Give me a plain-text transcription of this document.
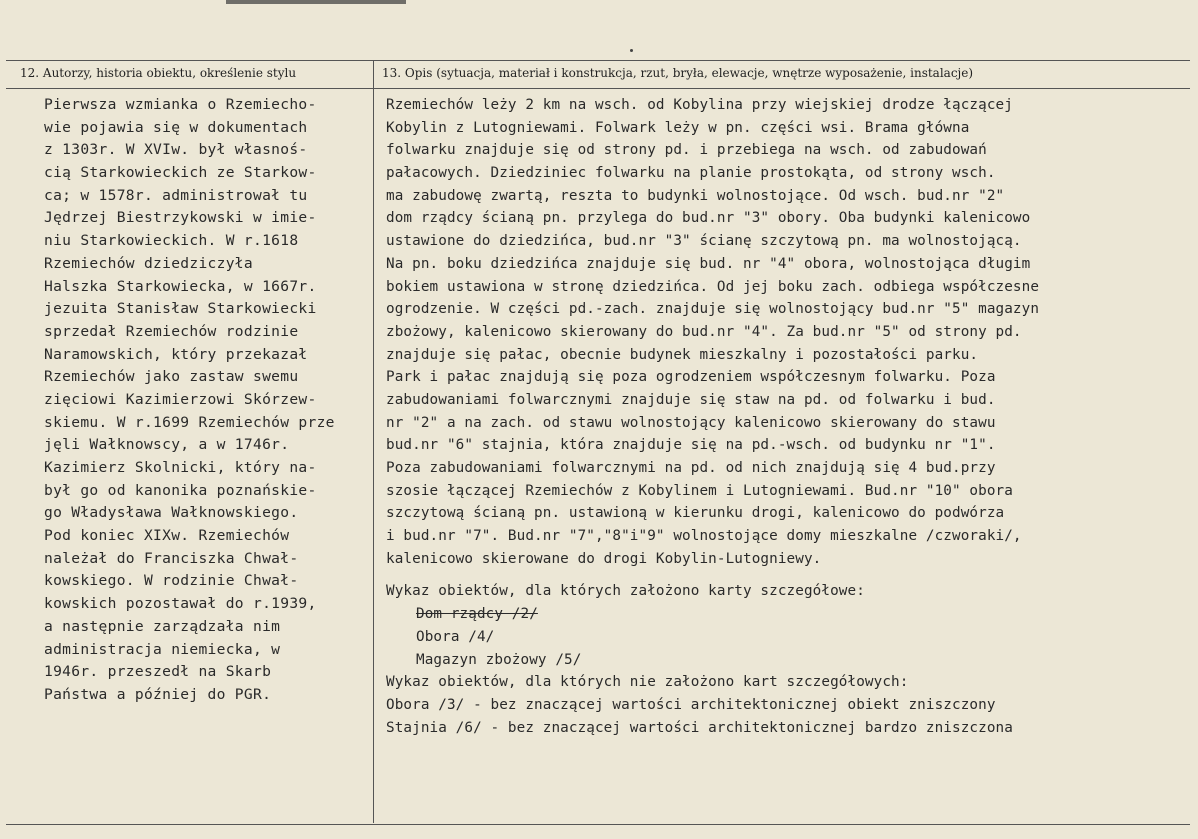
12. Autorzy, historia obiektu, określenie stylu	13. Opis (sytuacja, materiał i konstrukcja, rzut, bryła, elewacje, wnętrze wyposażenie, instalacje)
Pierwsza wzmianka o Rzemiecho-
wie pojawia się w dokumentach
z 1303r. W XVIw. był własnoś-
cią Starkowieckich ze Starkow-
ca; w 1578r. administrował tu
Jędrzej Biestrzykowski w imie-
niu Starkowieckich. W r.1618
Rzemiechów dziedziczyła
Halszka Starkowiecka, w 1667r.
jezuita Stanisław Starkowiecki
sprzedał Rzemiechów rodzinie
Naramowskich, który przekazał
Rzemiechów jako zastaw swemu
zięciowi Kazimierzowi Skórzew-
skiemu. W r.1699 Rzemiechów prze
jęli Wałknowscy, a w 1746r.
Kazimierz Skolnicki, który na-
był go od kanonika poznańskie-
go Władysława Wałknowskiego.
Pod koniec XIXw. Rzemiechów
należał do Franciszka Chwał-
kowskiego. W rodzinie Chwał-
kowskich pozostawał do r.1939,
a następnie zarządzała nim
administracja niemiecka, w
1946r. przeszedł na Skarb
Państwa a później do PGR.
Rzemiechów leży 2 km na wsch. od Kobylina przy wiejskiej drodze łączącej
Kobylin z Lutogniewami. Folwark leży w pn. części wsi. Brama główna
folwarku znajduje się od strony pd. i przebiega na wsch. od zabudowań
pałacowych. Dziedziniec folwarku na planie prostokąta, od strony wsch.
ma zabudowę zwartą, reszta to budynki wolnostojące. Od wsch. bud.nr "2"
dom rządcy ścianą pn. przylega do bud.nr "3" obory. Oba budynki kalenicowo
ustawione do dziedzińca, bud.nr "3" ścianę szczytową pn. ma wolnostojącą.
Na pn. boku dziedzińca znajduje się bud. nr "4" obora, wolnostojąca długim
bokiem ustawiona w stronę dziedzińca. Od jej boku zach. odbiega współczesne
ogrodzenie. W części pd.-zach. znajduje się wolnostojący bud.nr "5" magazyn
zbożowy, kalenicowo skierowany do bud.nr "4". Za bud.nr "5" od strony pd.
znajduje się pałac, obecnie budynek mieszkalny i pozostałości parku.
Park i pałac znajdują się poza ogrodzeniem współczesnym folwarku. Poza
zabudowaniami folwarcznymi znajduje się staw na pd. od folwarku i bud.
nr "2" a na zach. od stawu wolnostojący kalenicowo skierowany do stawu
bud.nr "6" stajnia, która znajduje się na pd.-wsch. od budynku nr "1".
Poza zabudowaniami folwarcznymi na pd. od nich znajdują się 4 bud.przy
szosie łączącej Rzemiechów z Kobylinem i Lutogniewami. Bud.nr "10" obora
szczytową ścianą pn. ustawioną w kierunku drogi, kalenicowo do podwórza
i bud.nr "7". Bud.nr "7","8"i"9" wolnostojące domy mieszkalne /czworaki/,
kalenicowo skierowane do drogi Kobylin-Lutogniewy.
Wykaz obiektów, dla których założono karty szczegółowe:
Dom rządcy /2/
Obora /4/
Magazyn zbożowy /5/
Wykaz obiektów, dla których nie założono kart szczegółowych:
Obora /3/ - bez znaczącej wartości architektonicznej obiekt zniszczony
Stajnia /6/ - bez znaczącej wartości architektonicznej bardzo zniszczona
